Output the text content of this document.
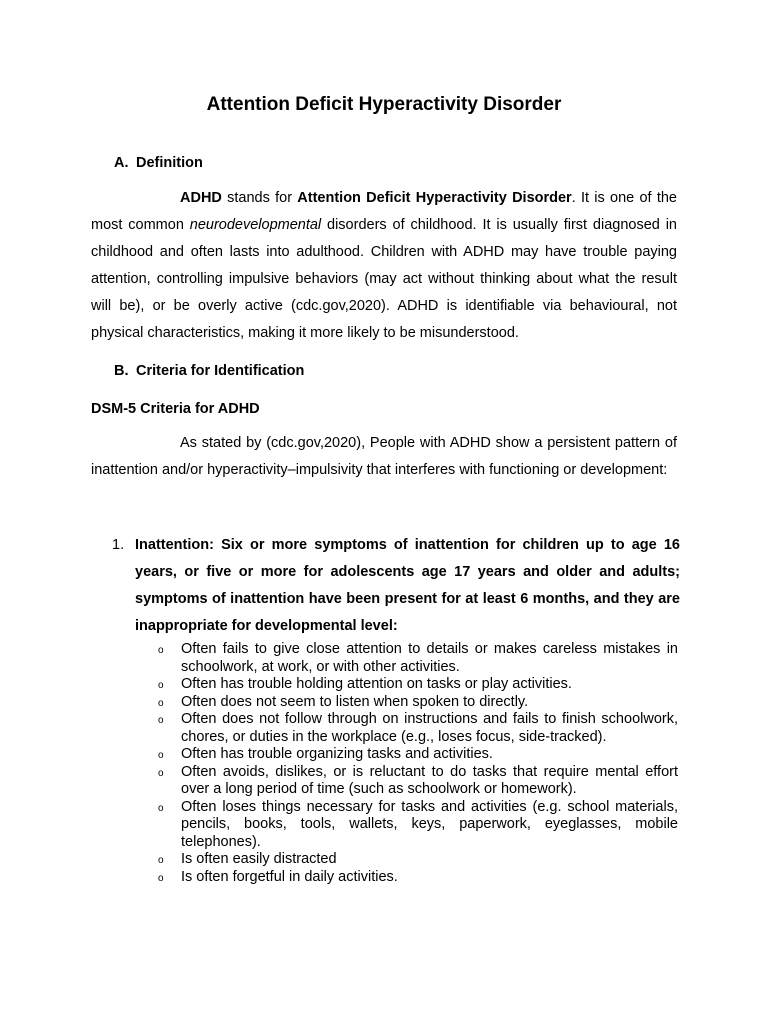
Attention Deficit Hyperactivity Disorder
A. Definition

ADHD stands for Attention Deficit Hyperactivity Disorder. It is one of the most common neurodevelopmental disorders of childhood. It is usually first diagnosed in childhood and often lasts into adulthood. Children with ADHD may have trouble paying attention, controlling impulsive behaviors (may act without thinking about what the result will be), or be overly active (cdc.gov,2020). ADHD is identifiable via behavioural, not physical characteristics, making it more likely to be misunderstood.

B. Criteria for Identification
DSM-5 Criteria for ADHD

As stated by (cdc.gov,2020), People with ADHD show a persistent pattern of inattention and/or hyperactivity–impulsivity that interferes with functioning or development:

1. Inattention: Six or more symptoms of inattention for children up to age 16 years, or five or more for adolescents age 17 years and older and adults; symptoms of inattention have been present for at least 6 months, and they are inappropriate for developmental level:
o Often fails to give close attention to details or makes careless mistakes in schoolwork, at work, or with other activities.
o Often has trouble holding attention on tasks or play activities.
o Often does not seem to listen when spoken to directly.
o Often does not follow through on instructions and fails to finish schoolwork, chores, or duties in the workplace (e.g., loses focus, side-tracked).
o Often has trouble organizing tasks and activities.
o Often avoids, dislikes, or is reluctant to do tasks that require mental effort over a long period of time (such as schoolwork or homework).
o Often loses things necessary for tasks and activities (e.g. school materials, pencils, books, tools, wallets, keys, paperwork, eyeglasses, mobile telephones).
o Is often easily distracted
o Is often forgetful in daily activities.
